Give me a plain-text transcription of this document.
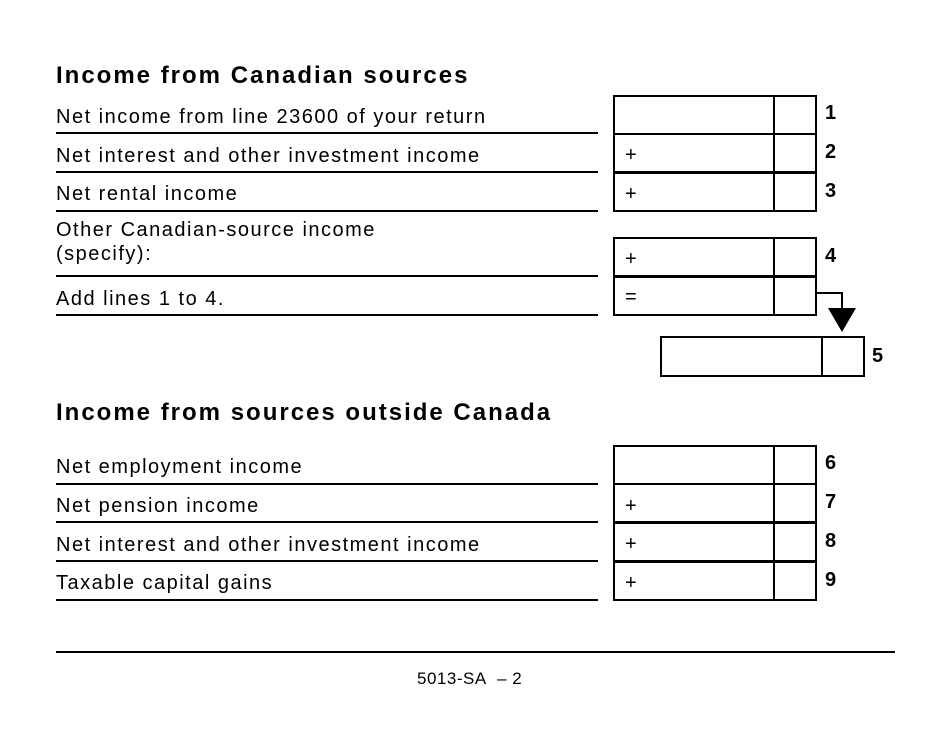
Income from Canadian sources
Net income from line 23600 of your return	1
Net interest and other investment income	+	2
Net rental income	+	3
Other Canadian-source income
(specify):	+	4
Add lines 1 to 4.	=
5
Income from sources outside Canada
Net employment income	6
Net pension income	+	7
Net interest and other investment income	+	8
Taxable capital gains	+	9
5013-SA – 2
